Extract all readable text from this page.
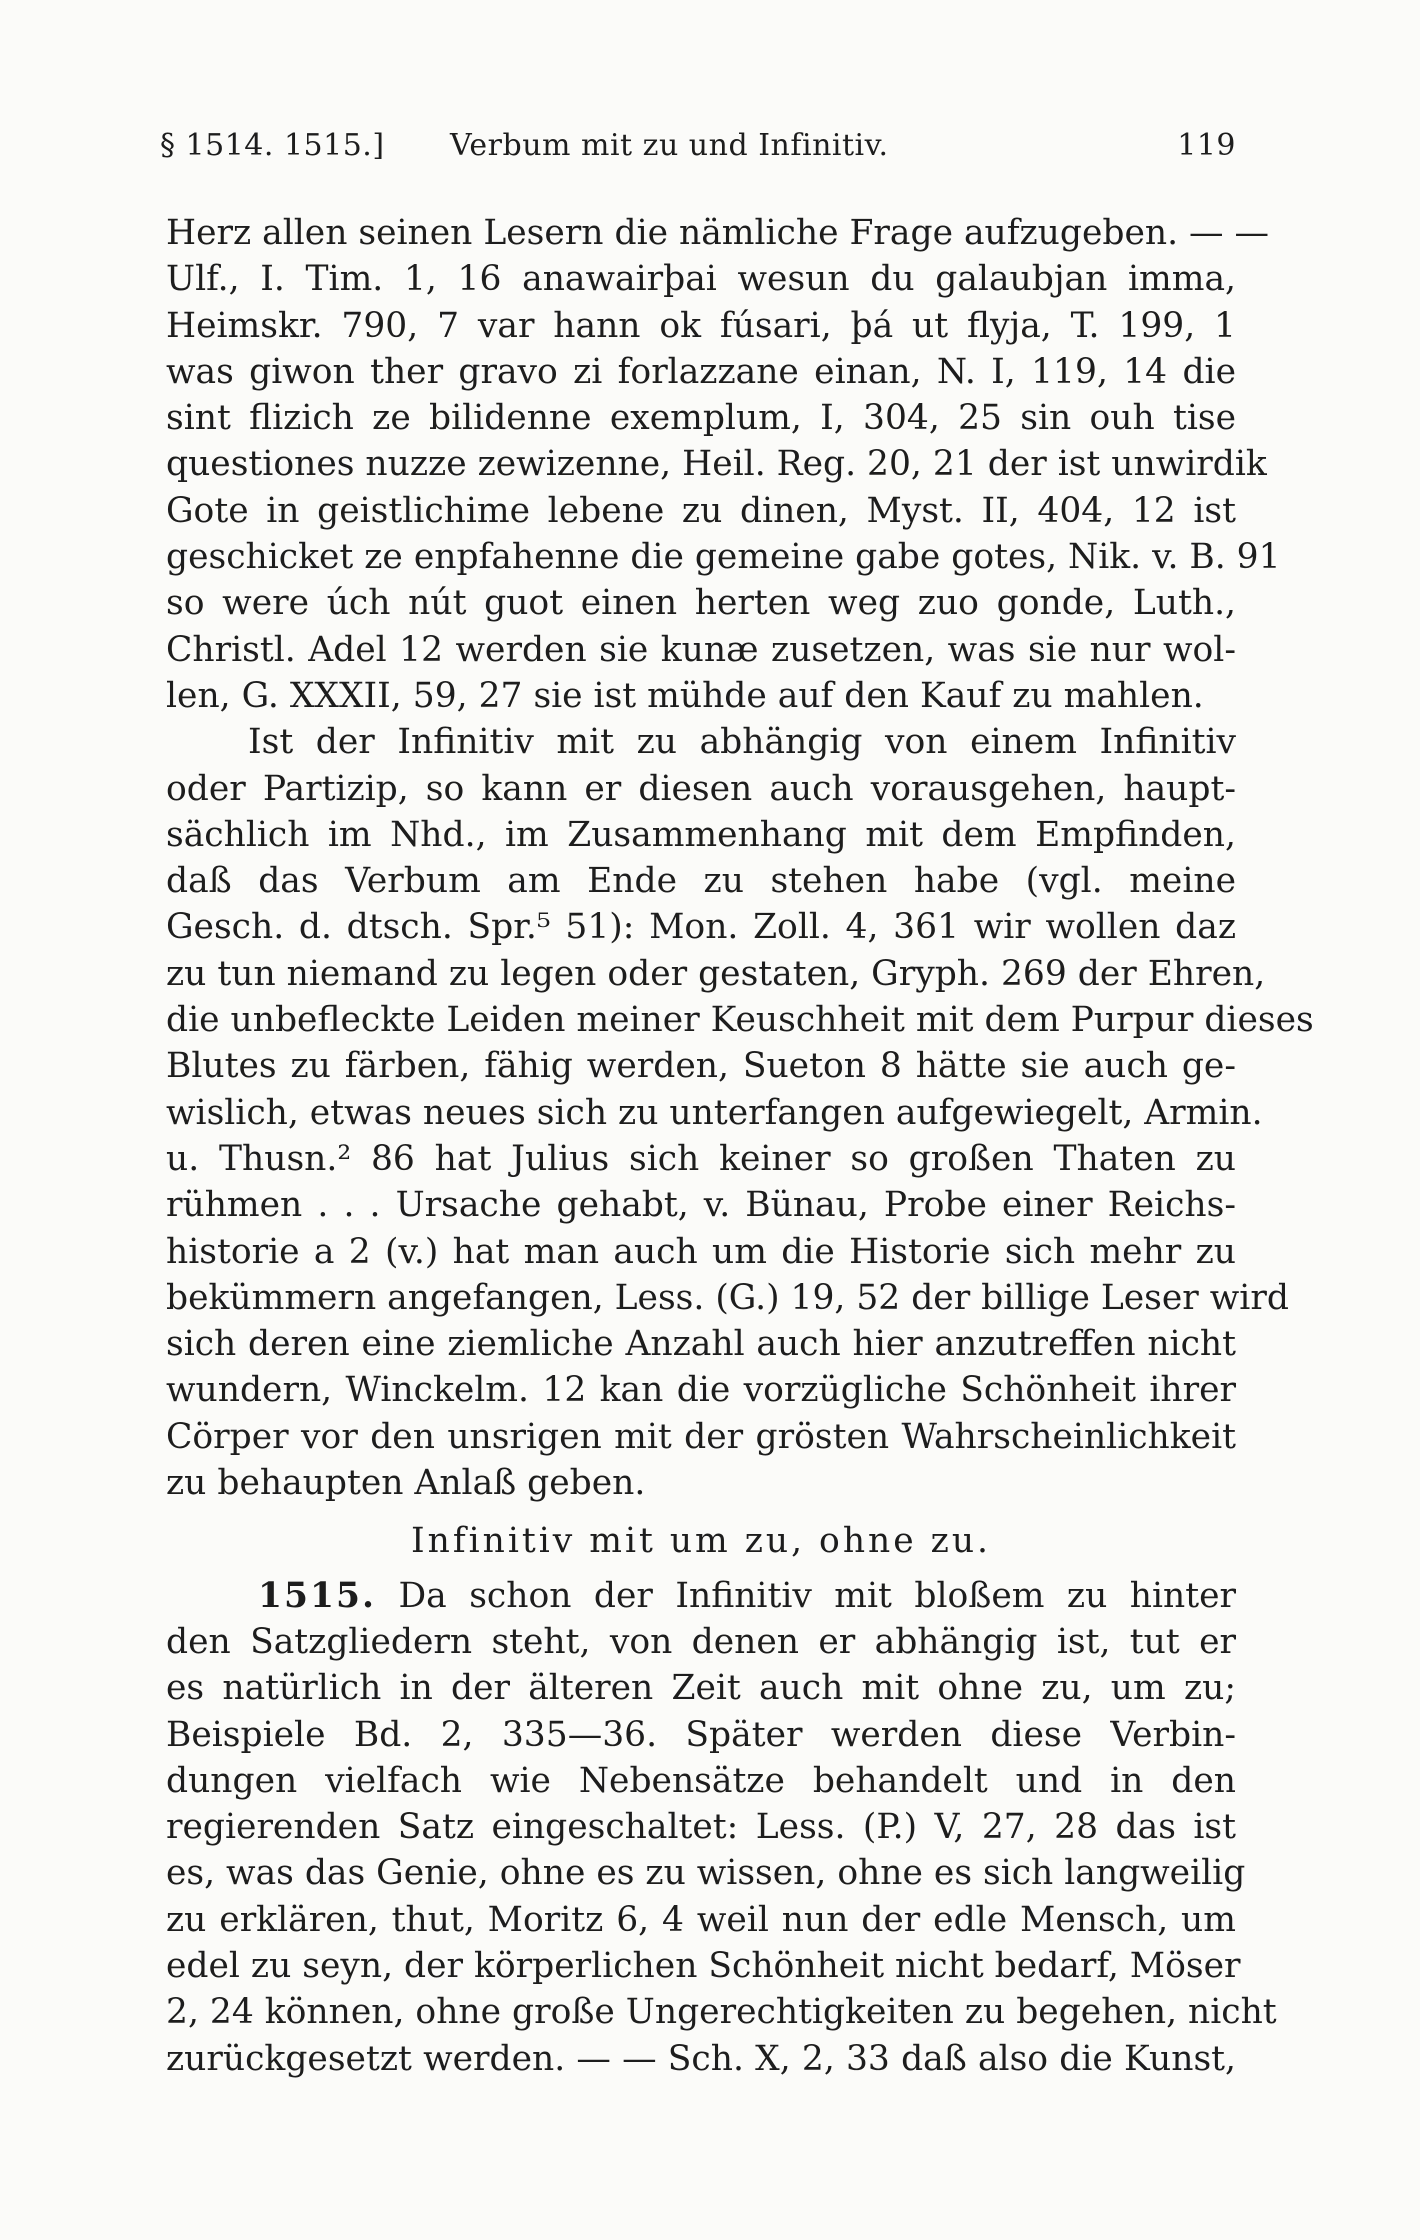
§ 1514. 1515.] Verbum mit zu und Infinitiv.	119
Herz allen seinen Lesern die nämliche Frage aufzugeben. — —
Ulf., I. Tim. 1, 16 anawairþai wesun du galaubjan imma,
Heimskr. 790, 7 var hann ok fúsari, þá ut flyja, T. 199, 1
was giwon ther gravo zi forlazzane einan, N. I, 119, 14 die
sint flizich ze bilidenne exemplum, I, 304, 25 sin ouh tise
questiones nuzze zewizenne, Heil. Reg. 20, 21 der ist unwirdik
Gote in geistlichime lebene zu dinen, Myst. II, 404, 12 ist
geschicket ze enpfahenne die gemeine gabe gotes, Nik. v. B. 91
so were úch nút guot einen herten weg zuo gonde, Luth.,
Christl. Adel 12 werden sie kunæ zusetzen, was sie nur wol-
len, G. XXXII, 59, 27 sie ist mühde auf den Kauf zu mahlen.
Ist der Infinitiv mit zu abhängig von einem Infinitiv
oder Partizip, so kann er diesen auch vorausgehen, haupt-
sächlich im Nhd., im Zusammenhang mit dem Empfinden,
daß das Verbum am Ende zu stehen habe (vgl. meine
Gesch. d. dtsch. Spr.⁵ 51): Mon. Zoll. 4, 361 wir wollen daz
zu tun niemand zu legen oder gestaten, Gryph. 269 der Ehren,
die unbefleckte Leiden meiner Keuschheit mit dem Purpur dieses
Blutes zu färben, fähig werden, Sueton 8 hätte sie auch ge-
wislich, etwas neues sich zu unterfangen aufgewiegelt, Armin.
u. Thusn.² 86 hat Julius sich keiner so großen Thaten zu
rühmen . . . Ursache gehabt, v. Bünau, Probe einer Reichs-
historie a 2 (v.) hat man auch um die Historie sich mehr zu
bekümmern angefangen, Less. (G.) 19, 52 der billige Leser wird
sich deren eine ziemliche Anzahl auch hier anzutreffen nicht
wundern, Winckelm. 12 kan die vorzügliche Schönheit ihrer
Cörper vor den unsrigen mit der grösten Wahrscheinlichkeit
zu behaupten Anlaß geben.
Infinitiv mit um zu, ohne zu.
1515. Da schon der Infinitiv mit bloßem zu hinter
den Satzgliedern steht, von denen er abhängig ist, tut er
es natürlich in der älteren Zeit auch mit ohne zu, um zu;
Beispiele Bd. 2, 335—36. Später werden diese Verbin-
dungen vielfach wie Nebensätze behandelt und in den
regierenden Satz eingeschaltet: Less. (P.) V, 27, 28 das ist
es, was das Genie, ohne es zu wissen, ohne es sich langweilig
zu erklären, thut, Moritz 6, 4 weil nun der edle Mensch, um
edel zu seyn, der körperlichen Schönheit nicht bedarf, Möser
2, 24 können, ohne große Ungerechtigkeiten zu begehen, nicht
zurückgesetzt werden. — — Sch. X, 2, 33 daß also die Kunst,
